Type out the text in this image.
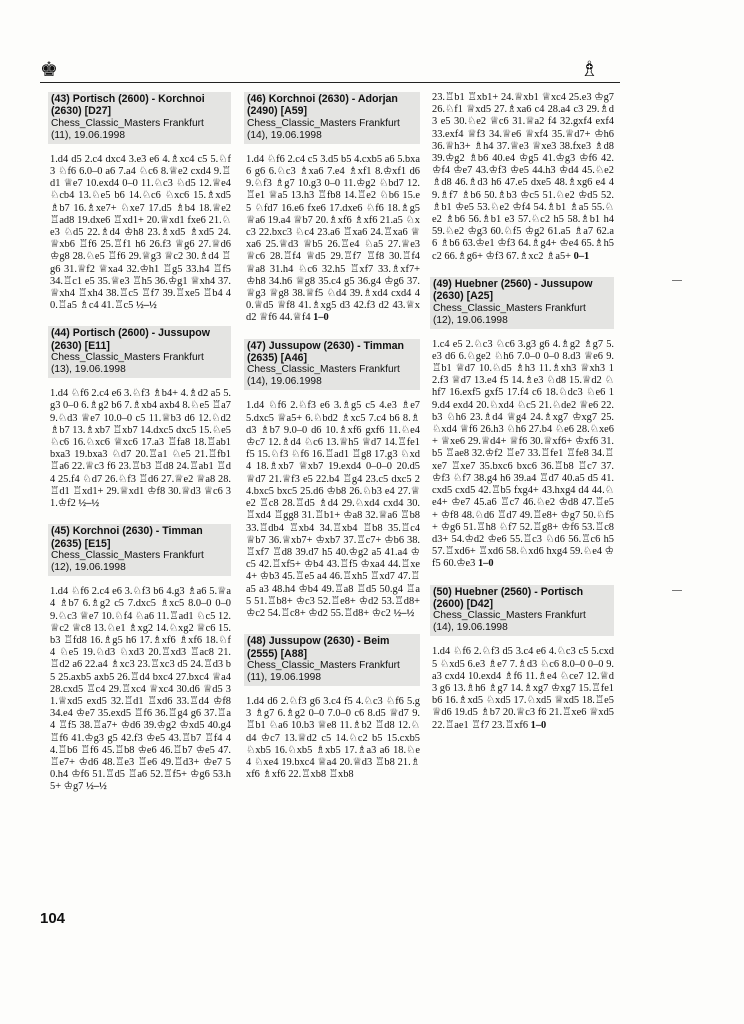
♚	♗
(43) Portisch (2600) - Korchnoi (2630) [D27]
Chess_Classic_Masters Frankfurt
(11), 19.06.1998
1.d4 d5 2.c4 dxc4 3.e3 e6 4.♗xc4 c5 5.♘f3 ♘f6 6.0–0 a6 7.a4 ♘c6 8.♕e2 cxd4 9.♖d1 ♕e7 10.exd4 0–0 11.♘c3 ♘d5 12.♕e4 ♘cb4 13.♘e5 b6 14.♘c6 ♘xc6 15.♗xd5 ♗b7 16.♗xe7+ ♘xe7 17.d5 ♗b4 18.♕e2 ♖ad8 19.dxe6 ♖xd1+ 20.♕xd1 fxe6 21.♘e3 ♘d5 22.♗d4 ♔h8 23.♗xd5 ♗xd5 24.♕xb6 ♖f6 25.♖f1 h6 26.f3 ♕g6 27.♕d6 ♔g8 28.♘e5 ♖f6 29.♕g3 ♕c2 30.♗d4 ♖g6 31.♕f2 ♕xa4 32.♔h1 ♖g5 33.h4 ♖f5 34.♖c1 e5 35.♕e3 ♖h5 36.♔g1 ♕xh4 37.♕xh4 ♖xh4 38.♖c5 ♖f7 39.♖xe5 ♖b4 40.♖a5 ♗c4 41.♖c5 ½–½
(44) Portisch (2600) - Jussupow (2630) [E11]
Chess_Classic_Masters Frankfurt
(13), 19.06.1998
1.d4 ♘f6 2.c4 e6 3.♘f3 ♗b4+ 4.♗d2 a5 5.g3 0–0 6.♗g2 b6 7.♗xb4 axb4 8.♘e5 ♖a7 9.♘d3 ♕e7 10.0–0 c5 11.♕b3 d6 12.♘d2 ♗b7 13.♗xb7 ♖xb7 14.dxc5 dxc5 15.♘e5 ♘c6 16.♘xc6 ♕xc6 17.a3 ♖fa8 18.♖ab1 bxa3 19.bxa3 ♘d7 20.♖a1 ♘e5 21.♖fb1 ♖a6 22.♕c3 f6 23.♖b3 ♖d8 24.♖ab1 ♖d4 25.f4 ♘d7 26.♘f3 ♖d6 27.♕e2 ♕a8 28.♖d1 ♖xd1+ 29.♕xd1 ♔f8 30.♕d3 ♕c6 31.♔f2 ½–½
(45) Korchnoi (2630) - Timman (2635) [E15]
Chess_Classic_Masters Frankfurt
(12), 19.06.1998
1.d4 ♘f6 2.c4 e6 3.♘f3 b6 4.g3 ♗a6 5.♕a4 ♗b7 6.♗g2 c5 7.dxc5 ♗xc5 8.0–0 0–0 9.♘c3 ♕e7 10.♘f4 ♘a6 11.♖ad1 ♘c5 12.♕c2 ♕c8 13.♘e1 ♗xg2 14.♘xg2 ♕c6 15.b3 ♖fd8 16.♗g5 h6 17.♗xf6 ♗xf6 18.♘f4 ♘e5 19.♘d3 ♘xd3 20.♖xd3 ♖ac8 21.♖d2 a6 22.a4 ♗xc3 23.♖xc3 d5 24.♖d3 b5 25.axb5 axb5 26.♖d4 bxc4 27.bxc4 ♕a4 28.cxd5 ♖c4 29.♖xc4 ♕xc4 30.d6 ♕d5 31.♕xd5 exd5 32.♖d1 ♖xd6 33.♖d4 ♔f8 34.e4 ♔e7 35.exd5 ♖f6 36.♖g4 g6 37.♖a4 ♖f5 38.♖a7+ ♔d6 39.♔g2 ♔xd5 40.g4 ♖f6 41.♔g3 g5 42.f3 ♔e5 43.♖b7 ♖f4 44.♖b6 ♖f6 45.♖b8 ♔e6 46.♖b7 ♔e5 47.♖e7+ ♔d6 48.♖e3 ♖e6 49.♖d3+ ♔e7 50.h4 ♔f6 51.♖d5 ♖a6 52.♖f5+ ♔g6 53.h5+ ♔g7 ½–½
(46) Korchnoi (2630) - Adorjan (2490) [A59]
Chess_Classic_Masters Frankfurt
(14), 19.06.1998
1.d4 ♘f6 2.c4 c5 3.d5 b5 4.cxb5 a6 5.bxa6 g6 6.♘c3 ♗xa6 7.e4 ♗xf1 8.♔xf1 d6 9.♘f3 ♗g7 10.g3 0–0 11.♔g2 ♘bd7 12.♖e1 ♕a5 13.h3 ♖fb8 14.♖e2 ♘b6 15.e5 ♘fd7 16.e6 fxe6 17.dxe6 ♘f6 18.♗g5 ♕a6 19.a4 ♕b7 20.♗xf6 ♗xf6 21.a5 ♘xc3 22.bxc3 ♘c4 23.a6 ♖xa6 24.♖xa6 ♕xa6 25.♕d3 ♕b5 26.♖e4 ♘a5 27.♕e3 ♕c6 28.♖f4 ♕d5 29.♖f7 ♖f8 30.♖f4 ♕a8 31.h4 ♘c6 32.h5 ♖xf7 33.♗xf7+ ♔h8 34.h6 ♕g8 35.c4 g5 36.g4 ♔g6 37.♕g3 ♕g8 38.♕f5 ♘d4 39.♗xd4 cxd4 40.♕d5 ♕f8 41.♗xg5 d3 42.f3 d2 43.♕xd2 ♕f6 44.♕f4 1–0
(47) Jussupow (2630) - Timman (2635) [A46]
Chess_Classic_Masters Frankfurt
(14), 19.06.1998
1.d4 ♘f6 2.♘f3 e6 3.♗g5 c5 4.e3 ♗e7 5.dxc5 ♕a5+ 6.♘bd2 ♗xc5 7.c4 b6 8.♗d3 ♗b7 9.0–0 d6 10.♗xf6 gxf6 11.♘e4 ♔c7 12.♗d4 ♘c6 13.♕h5 ♕d7 14.♖fe1 f5 15.♘f3 ♘f6 16.♖ad1 ♖g8 17.g3 ♘xd4 18.♗xb7 ♕xb7 19.exd4 0–0–0 20.d5 ♕d7 21.♕f3 e5 22.b4 ♖g4 23.c5 dxc5 24.bxc5 bxc5 25.d6 ♔b8 26.♘b3 e4 27.♕e2 ♖c8 28.♖d5 ♗d4 29.♘xd4 cxd4 30.♖xd4 ♖gg8 31.♖b1+ ♔a8 32.♕a6 ♖b8 33.♖db4 ♖xb4 34.♖xb4 ♖b8 35.♖c4 ♕b7 36.♕xb7+ ♔xb7 37.♖c7+ ♔b6 38.♖xf7 ♖d8 39.d7 h5 40.♔g2 a5 41.a4 ♔c5 42.♖xf5+ ♔b4 43.♖f5 ♔xa4 44.♖xe4+ ♔b3 45.♖e5 a4 46.♖xh5 ♖xd7 47.♖a5 a3 48.h4 ♔b4 49.♖a8 ♖d5 50.g4 ♖a5 51.♖b8+ ♔c3 52.♖e8+ ♔d2 53.♖d8+ ♔c2 54.♖c8+ ♔d2 55.♖d8+ ♔c2 ½–½
(48) Jussupow (2630) - Beim (2555) [A88]
Chess_Classic_Masters Frankfurt
(11), 19.06.1998
1.d4 d6 2.♘f3 g6 3.c4 f5 4.♘c3 ♘f6 5.g3 ♗g7 6.♗g2 0–0 7.0–0 c6 8.d5 ♕d7 9.♖b1 ♘a6 10.b3 ♕e8 11.♗b2 ♖d8 12.♘d4 ♔c7 13.♕d2 c5 14.♘c2 b5 15.cxb5 ♘xb5 16.♘xb5 ♗xb5 17.♗a3 a6 18.♘e4 ♘xe4 19.bxc4 ♕a4 20.♕d3 ♖b8 21.♗xf6 ♗xf6 22.♖xb8 ♖xb8
23.♖b1 ♖xb1+ 24.♕xb1 ♕xc4 25.e3 ♔g7 26.♘f1 ♕xd5 27.♗xa6 c4 28.a4 c3 29.♗d3 e5 30.♘e2 ♕c6 31.♕a2 f4 32.gxf4 exf4 33.exf4 ♕f3 34.♕e6 ♕xf4 35.♕d7+ ♔h6 36.♕h3+ ♗h4 37.♕e3 ♕xe3 38.fxe3 ♗d8 39.♔g2 ♗b6 40.e4 ♔g5 41.♔g3 ♔f6 42.♔f4 ♔e7 43.♔f3 ♔e5 44.h3 ♔d4 45.♘e2 ♗d8 46.♗d3 h6 47.e5 dxe5 48.♗xg6 e4 49.♗f7 ♗b6 50.♗b3 ♔c5 51.♘e2 ♔d5 52.♗b1 ♔e5 53.♘e2 ♔f4 54.♗b1 ♗a5 55.♘e2 ♗b6 56.♗b1 e3 57.♘c2 h5 58.♗b1 h4 59.♘e2 ♔g3 60.♘f5 ♔g2 61.a5 ♗a7 62.a6 ♗b6 63.♔e1 ♔f3 64.♗g4+ ♔e4 65.♗h5 c2 66.♗g6+ ♔f3 67.♗xc2 ♗a5+ 0–1
(49) Huebner (2560) - Jussupow (2630) [A25]
Chess_Classic_Masters Frankfurt
(12), 19.06.1998
1.c4 e5 2.♘c3 ♘c6 3.g3 g6 4.♗g2 ♗g7 5.e3 d6 6.♘ge2 ♘h6 7.0–0 0–0 8.d3 ♕e6 9.♖b1 ♕d7 10.♘d5 ♗h3 11.♗xh3 ♕xh3 12.f3 ♕d7 13.e4 f5 14.♗e3 ♘d8 15.♕d2 ♘hf7 16.exf5 gxf5 17.f4 c6 18.♘dc3 ♘e6 19.d4 exd4 20.♘xd4 ♘c5 21.♘de2 ♕e6 22.b3 ♘h6 23.♗d4 ♕g4 24.♗xg7 ♔xg7 25.♘xd4 ♕f6 26.h3 ♘h6 27.b4 ♘e6 28.♘xe6+ ♕xe6 29.♕d4+ ♕f6 30.♕xf6+ ♔xf6 31.b5 ♖ae8 32.♔f2 ♖e7 33.♖fe1 ♖fe8 34.♖xe7 ♖xe7 35.bxc6 bxc6 36.♖b8 ♖c7 37.♔f3 ♘f7 38.g4 h6 39.a4 ♖d7 40.a5 d5 41.cxd5 cxd5 42.♖b5 fxg4+ 43.hxg4 d4 44.♘e4+ ♔e7 45.a6 ♖c7 46.♘e2 ♔d8 47.♖e5+ ♔f8 48.♘d6 ♖d7 49.♖e8+ ♔g7 50.♘f5+ ♔g6 51.♖h8 ♘f7 52.♖g8+ ♔f6 53.♖c8 d3+ 54.♔d2 ♔e6 55.♖c3 ♘d6 56.♖c6 h5 57.♖xd6+ ♖xd6 58.♘xd6 hxg4 59.♘e4 ♔f5 60.♔e3 1–0
(50) Huebner (2560) - Portisch (2600) [D42]
Chess_Classic_Masters Frankfurt
(14), 19.06.1998
1.d4 ♘f6 2.♘f3 d5 3.c4 e6 4.♘c3 c5 5.cxd5 ♘xd5 6.e3 ♗e7 7.♗d3 ♘c6 8.0–0 0–0 9.a3 cxd4 10.exd4 ♗f6 11.♗e4 ♘ce7 12.♕d3 g6 13.♗h6 ♗g7 14.♗xg7 ♔xg7 15.♖fe1 b6 16.♗xd5 ♘xd5 17.♘xd5 ♕xd5 18.♖e5 ♕d6 19.d5 ♗b7 20.♕c3 f6 21.♖xe6 ♕xd5 22.♖ae1 ♖f7 23.♖xf6 1–0
104
